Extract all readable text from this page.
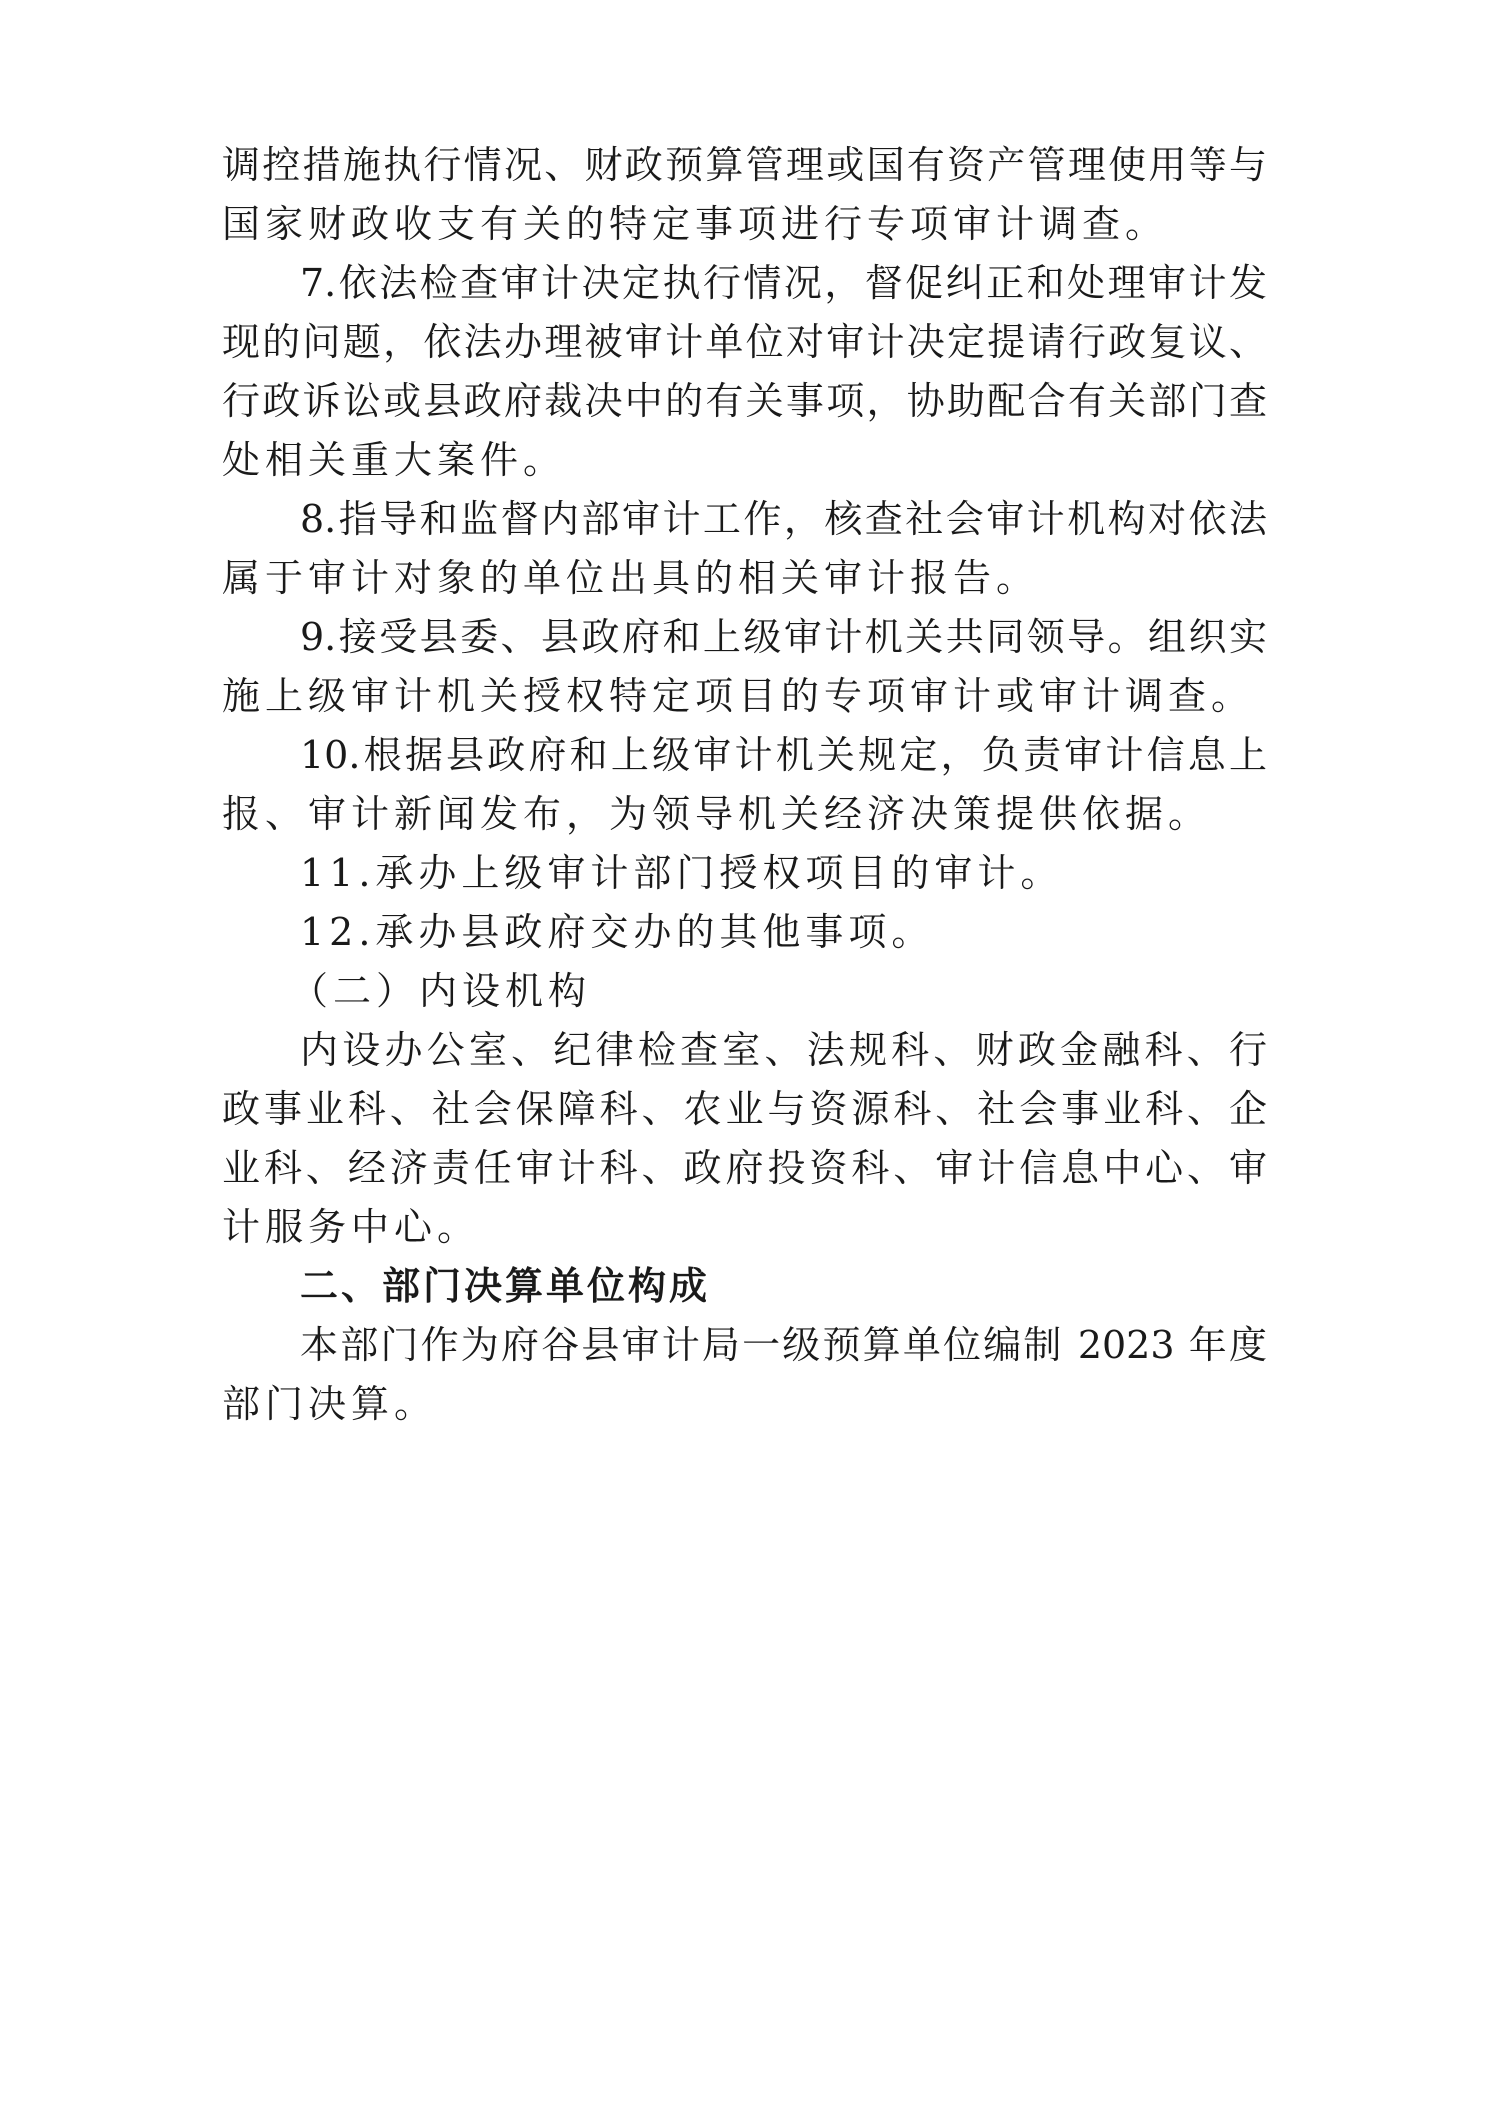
调控措施执行情况、财政预算管理或国有资产管理使用等与
国家财政收支有关的特定事项进行专项审计调查。
7.依法检查审计决定执行情况，督促纠正和处理审计发
现的问题，依法办理被审计单位对审计决定提请行政复议、
行政诉讼或县政府裁决中的有关事项，协助配合有关部门查
处相关重大案件。
8.指导和监督内部审计工作，核查社会审计机构对依法
属于审计对象的单位出具的相关审计报告。
9.接受县委、县政府和上级审计机关共同领导。组织实
施上级审计机关授权特定项目的专项审计或审计调查。
10.根据县政府和上级审计机关规定，负责审计信息上
报、审计新闻发布，为领导机关经济决策提供依据。
11.承办上级审计部门授权项目的审计。
12.承办县政府交办的其他事项。
（二）内设机构
内设办公室、纪律检查室、法规科、财政金融科、行
政事业科、社会保障科、农业与资源科、社会事业科、企
业科、经济责任审计科、政府投资科、审计信息中心、审
计服务中心。
二、部门决算单位构成
本部门作为府谷县审计局一级预算单位编制 2023 年度
部门决算。
